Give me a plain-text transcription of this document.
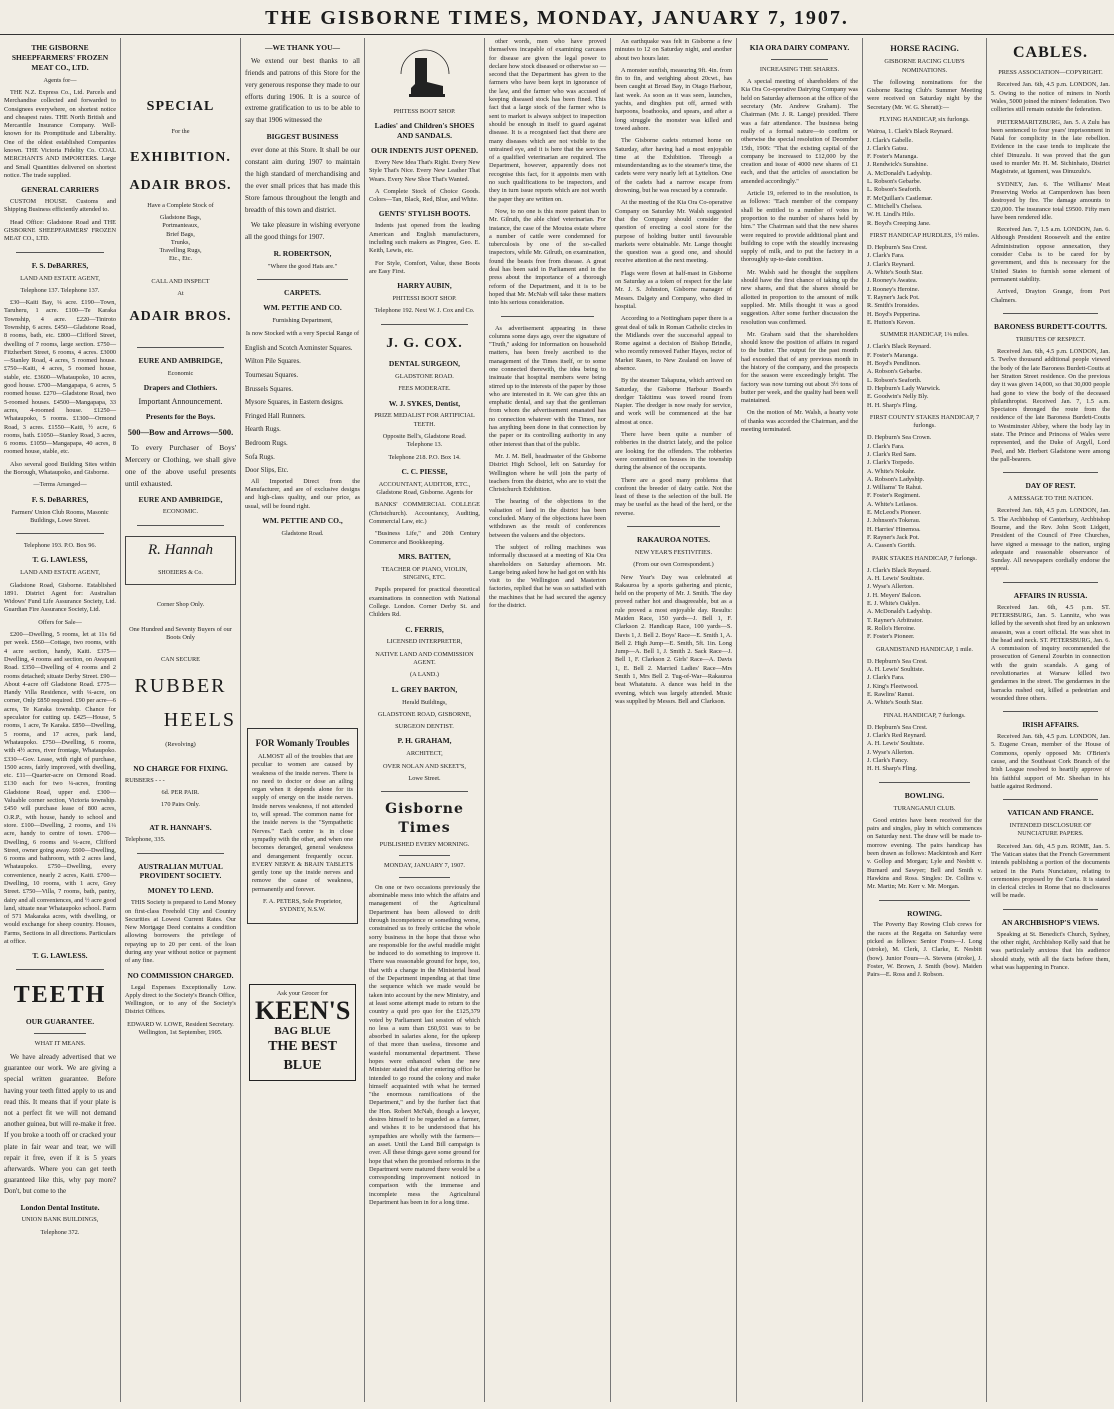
THE GISBORNE TIMES, MONDAY, JANUARY 7, 1907.
THE GISBORNE SHEEPFARMERS' FROZEN MEAT CO., LTD.
Agents for—

THE N.Z. Express Co., Ltd. Parcels and Merchandise collected and forwarded to Consignees everywhere, on shortest notice and cheapest rates. THE North British and Mercantile Insurance Company. Well-known for its Promptitude and Liberality. One of the oldest established Companies known. THE Victoria Fidelity Co. COAL MERCHANTS AND IMPORTERS. Large and Small Quantities delivered on shortest notice. The trade supplied.

GENERAL CARRIERS

CUSTOM HOUSE. Customs and Shipping Business efficiently attended to.

Head Office: Gladstone Road and THE GISBORNE SHEEPFARMERS' FROZEN MEAT CO., LTD.

F. S. DeBARRES,
LAND AND ESTATE AGENT,
Telephone 137. Telephone 137.

£30—Kaiti Bay, ¼ acre. £190—Town, Taruheru, 1 acre. £100—Te Karaka Township, 4 acre. £220—Tiniroto Township, 6 acres. £450—Gladstone Road, 8 rooms, bath, etc. £800—Clifford Street, dwelling of 7 rooms, large section. £750—Fitzherbert Street, 6 rooms, 4 acres. £3000—Stanley Road, 4 acres, 5 roomed house. £750—Kaiti, 4 acres, 5 roomed house, stable, etc. £3600—Whataupoko, 10 acres, good house. £700—Mangapapa, 6 acres, 5 roomed house. £270—Gladstone Road, two 5-roomed houses. £4500—Mangapapa, 33 acres, 4-roomed house. £1250—Whataupoko, 5 rooms. £1300—Ormond Road, 3 acres. £1550—Kaiti, ½ acre, 6 rooms, bath. £1050—Stanley Road, 3 acres, 6 rooms. £1050—Mangapapa, 40 acres, 8 roomed house, stable, etc.

Also several good Building Sites within the Borough, Whataupoko, and Gisborne.

—Terms Arranged—
F. S. DeBARRES,
Farmers' Union Club Rooms, Masonic Buildings, Lowe Street.
Telephone 193. P.O. Box 96.
T. G. LAWLESS,
LAND AND ESTATE AGENT,

Gladstone Road, Gisborne. Established 1891. District Agent for: Australian Widows' Fund Life Assurance Society, Ltd. Guardian Fire Assurance Society, Ltd.

Offers for Sale—

£200—Dwelling, 5 rooms, let at 11s 6d per week. £560—Cottage, two rooms, with 4 acre section, handy, Kaiti. £375—Dwelling, 4 rooms and section, on Awapuni Road. £350—Dwelling of 4 rooms and 2 rooms detached; situate Derby Street. £90—About 4-acre off Gladstone Road. £775—Handy Villa Residence, with ¼-acre, on corner, Only £850 required. £90 per acre—6 acres, Te Karaka township. Chance for speculator for cutting up. £425—House, 5 rooms, 1 acre, Te Karaka. £850—Dwelling, 5 rooms, and 17 acres, park land, Whataupoko. £750—Dwelling, 6 rooms, with 4½ acres, river frontage, Whataupoko. £330—Gov. Lease, with right of purchase, 1500 acres, fairly improved, with dwelling, etc. £11—Quarter-acre on Ormond Road. £130 each for two ¼-acres, fronting Gladstone Road, upper end. £300—Valuable corner section, Victoria township. £450 will purchase lease of 800 acres, O.R.P., with house, handy to school and store. £100—Dwelling, 2 rooms, and 1¼ acre, handy to centre of town. £700—Dwelling, 6 rooms and ¼-acre, Clifford Street, owner going away. £600—Dwelling, 6 rooms and bathroom, with 2 acres land, Whataupoko. £750—Dwelling, every convenience, nearly 2 acres, Kaiti. £700—Dwelling, 10 rooms, with 1 acre, Grey Street. £750—Villa, 7 rooms, bath, pantry, dairy and all conveniences, and ½ acre good land, situate near Whataupoko school. Farm of 571 Makaraka acres, with dwelling, or would exchange for sheep country. Houses, Farms, Sections in all directions. Particulars at office.

T. G. LAWLESS.
TEETH
OUR GUARANTEE.
WHAT IT MEANS.

We have already advertised that we guarantee our work. We are giving a special written guarantee. Before having your teeth fitted apply to us and read this. It means that if your plate is not a perfect fit we will not demand another guinea, but will re-make it free. If you broke a tooth off or cracked your plate in fair wear and tear, we will repair it free, even if it is 5 years afterwards. Where you can get teeth guaranteed like this, why pay more? Don't, but come to the

London Dental Institute.
UNION BANK BUILDINGS,
Telephone 372.
SPECIAL
For the
EXHIBITION.
ADAIR BROS.
Have a Complete Stock of
Gladstone Bags,
Portmanteaux,
Brief Bags,
Trunks,
Travelling Rugs,
Etc., Etc.
CALL AND INSPECT
At
ADAIR BROS.
EURE AND AMBRIDGE,
Economic
Drapers and Clothiers.
Important Announcement.
Presents for the Boys.
500—Bow and Arrows—500.

To every Purchaser of Boys' Mercery or Clothing, we shall give one of the above useful presents until exhausted.

EURE AND AMBRIDGE,
ECONOMIC.
R. Hannah
SHOEIERS & Co.
Corner Shop Only.
One Hundred and Seventy Buyers of our Boots Only
CAN SECURE
RUBBER
HEELS
(Revolving)
NO CHARGE FOR FIXING.
RUBBERS - - -
6d. PER PAIR.
170 Pairs Only.
AT R. HANNAH'S.
Telephone, 335.
AUSTRALIAN MUTUAL PROVIDENT SOCIETY.
MONEY TO LEND.

THIS Society is prepared to Lend Money on first-class Freehold City and Country Securities at Lowest Current Rates. Our New Mortgage Deed contains a condition allowing borrowers the privilege of repaying up to 20 per cent. of the loan during any year without notice or payment of any fine.

NO COMMISSION CHARGED.

Legal Expenses Exceptionally Low. Apply direct to the Society's Branch Office, Wellington, or to any of the Society's District Offices.

EDWARD W. LOWE, Resident Secretary. Wellington, 1st September, 1905.
—WE THANK YOU—

We extend our best thanks to all friends and patrons of this Store for the very generous response they made to our efforts during 1906. It is a source of extreme gratification to us to be able to say that 1906 witnessed the

BIGGEST BUSINESS

ever done at this Store. It shall be our constant aim during 1907 to maintain the high standard of merchandising and the ever small prices that has made this Store famous throughout the length and breadth of this town and district.

We take pleasure in wishing everyone all the good things for 1907.

R. ROBERTSON,
"Where the good Hats are."
CARPETS.
WM. PETTIE AND CO.
Furnishing Department,
Is now Stocked with a very Special Range of
English and Scotch Axminster Squares.
Wilton Pile Squares.
Tournesau Squares.
Brussels Squares.
Mysore Squares, in Eastern designs.
Fringed Hall Runners.
Hearth Rugs.
Bedroom Rugs.
Sofa Rugs.
Door Slips, Etc.

All Imported Direct from the Manufacturer, and are of exclusive designs and high-class quality, and our price, as usual, will be found right.

WM. PETTIE AND CO.,
Gladstone Road.
FOR Womanly Troubles

ALMOST all of the troubles that are peculiar to women are caused by weakness of the inside nerves. There is no need to doctor or dose an ailing organ when it depends alone for its supply of energy on the inside nerves. Inside nerves weakness, if not attended to, will spread. The common name for the inside nerves is the "Sympathetic Nerves." Each centre is in close sympathy with the other, and when one becomes deranged, general weakness and derangement frequently occur. EVERY NERVE & BRAIN TABLETS gently tone up the inside nerves and remove the cause of weakness, permanently and forever.

F. A. PETERS, Sole Proprietor, SYDNEY, N.S.W.
Ask your Grocer for
KEEN'S
BAG BLUE
THE BEST BLUE
PHITESS BOOT SHOP.
Ladies' and Children's SHOES AND SANDALS.
OUR INDENTS JUST OPENED.

Every New Idea That's Right. Every New Style That's Nice. Every New Leather That Wears. Every New Shoe That's Wanted.

A Complete Stock of Choice Goods. Colors—Tan, Black, Red, Blue, and White.

GENTS' STYLISH BOOTS.

Indents just opened from the leading American and English manufacturers, including such makers as Pingree, Geo. E. Keith, Lewis, etc.

For Style, Comfort, Value, these Boots are Easy First.

HARRY AUBIN,
PHITESSI BOOT SHOP.
Telephone 192. Next W. J. Cox and Co.
J. G. COX.
DENTAL SURGEON,
GLADSTONE ROAD.
FEES MODERATE.
W. J. SYKES, Dentist,
PRIZE MEDALIST FOR ARTIFICIAL TEETH.
Opposite Bell's, Gladstone Road. Telephone 13.
Telephone 218. P.O. Box 14.
C. C. PIESSE,
ACCOUNTANT, AUDITOR, ETC., Gladstone Road, Gisborne. Agents for

BANKS' COMMERCIAL COLLEGE (Christchurch). Accountancy, Auditing, Commercial Law, etc.)

"Business Life," and 20th Century Commerce and Bookkeeping.

MRS. BATTEN,
TEACHER OF PIANO, VIOLIN, SINGING, ETC.

Pupils prepared for practical theoretical examinations in connection with National College. London. Corner Derby St. and Childers Rd.

C. FERRIS,
LICENSED INTERPRETER,
NATIVE LAND AND COMMISSION AGENT.
(A LAND.)
L. GREY BARTON,
Herald Buildings,
GLADSTONE ROAD, GISBORNE,
SURGEON DENTIST.
P. H. GRAHAM,
ARCHITECT,
OVER NOLAN AND SKEET'S,
Lowe Street.
Gisborne Times
PUBLISHED EVERY MORNING.
MONDAY, JANUARY 7, 1907.

On one or two occasions previously the abominable mess into which the affairs and management of the Agricultural Department has been allowed to drift through incompetence or something worse, constrained us to freely criticise the whole sorry business in the hope that those who are responsible for the awful muddle might be induced to do something to improve it. There was reasonable ground for hope, too, that with a change in the Ministerial head of the Department impending at that time the sequence which we made would be taken into account by the new Ministry, and at least some attempt made to return to the country a quid pro quo for the £125,379 voted by Parliament last session of which no less a sum than £60,931 was to be absorbed in salaries alone, for the upkeep of that more than useless, tiresome and wasteful monumental department. These hopes were enhanced when the new Minister stated that after entering office he intended to go round the colony and make himself acquainted with what he termed "the enormous ramifications of the Department," and by the further fact that the Hon. Robert McNab, though a lawyer, desires himself to be regarded as a farmer, and wishes it to be understood that his sympathies are wholly with the farmers—an asset. Until the Land Bill campaign is over. All these things gave some ground for hope that when the promised reforms in the Department were matured there would be a corresponding improvement noticed in comparison with the immense and incomplete mess the Agricultural Department has been in for a long time.

other words, men who have proved themselves incapable of examining carcases for disease are given the legal power to declare how stock diseased or otherwise so — second that the Department has given to the farmers who have been kept in ignorance of the law, and the farmer who was accused of keeping diseased stock has been fined. This fact that a large stock of the farmer who is sent to market is always subject to inspection should be enough in itself to guard against disease. It is a recognised fact that there are many diseases which are not visible to the untrained eye, and it is here that the services of a qualified veterinarian are required. The Department, however, apparently does not recognise this fact, for it appoints men with no such qualifications to be inspectors, and they in turn issue reports which are not worth the paper they are written on.

Now, to no one is this more patent than to Mr. Gilruth, the able chief veterinarian. For instance, the case of the Moutoa estate where a number of cattle were condemned for tuberculosis by one of the so-called inspectors, while Mr. Gilruth, on examination, found the beasts free from disease. A great deal has been said in Parliament and in the press about the importance of a thorough reform of the Department, and it is to be hoped that Mr. McNab will take these matters into his serious consideration.

As advertisement appearing in these columns some days ago, over the signature of "Truth," asking for information on household matters, has been freely ascribed to the management of the Times itself, or to some one connected therewith, the idea being to insinuate that hospital members were being stirred up to the interests of the paper by those who are interested in it. We can give this an emphatic denial, and say that the gentleman from whom the advertisement emanated has no connection whatever with the Times, nor has anything been done in that connection by the paper or its controlling authority in any other interest than that of the public.

Mr. J. M. Bell, headmaster of the Gisborne District High School, left on Saturday for Wellington where he will join the party of teachers from the district, who are to visit the Christchurch Exhibition.

The hearing of the objections to the valuation of land in the district has been concluded. Many of the objections have been withdrawn as the result of conferences between the valuers and the objectors.

The subject of rolling machines was informally discussed at a meeting of Kia Ora shareholders on Saturday afternoon. Mr. Lange being asked how he had got on with his visit to the Wellington and Masterton factories, replied that he was so satisfied with the machines that he had secured the agency for the district.

An earthquake was felt in Gisborne a few minutes to 12 on Saturday night, and another about two hours later.

A monster sunfish, measuring 9ft. 4in. from fin to fin, and weighing about 20cwt., has been caught at Broad Bay, in Otago Harbour, last week. As soon as it was seen, launches, yachts, and dinghies put off, armed with harpoons, boathooks, and spears, and after a long struggle the monster was killed and towed ashore.

The Gisborne cadets returned home on Saturday, after having had a most enjoyable time at the Exhibition. Through a misunderstanding as to the steamer's time, the cadets were very nearly left at Lyttelton. One of the cadets had a narrow escape from drowning, but he was rescued by a comrade.

At the meeting of the Kia Ora Co-operative Company on Saturday Mr. Walsh suggested that the Company should consider the question of erecting a cool store for the purpose of holding butter until favourable markets were obtainable. Mr. Lange thought the question was a good one, and should receive attention at the next meeting.

Flags were flown at half-mast in Gisborne on Saturday as a token of respect for the late Mr. J. S. Johnston, Gisborne manager of Messrs. Dalgety and Company, who died in hospital.

According to a Nottingham paper there is a great deal of talk in Roman Catholic circles in the Midlands over the successful appeal to Rome against a decision of Bishop Brindle, who recently removed Father Hayes, rector of Market Rasen, to New Zealand on leave of absence.

By the steamer Takapuna, which arrived on Saturday, the Gisborne Harbour Board's dredger Takitimu was towed round from Napier. The dredger is now ready for service, and work will be commenced at the bar almost at once.

There have been quite a number of robberies in the district lately, and the police are looking for the offenders. The robberies were committed on houses in the township during the absence of the occupants.

There are a good many problems that confront the breeder of dairy cattle. Not the least of these is the selection of the bull. He may be useful as the head of the herd, or the reverse.

RAKAUROA NOTES.
NEW YEAR'S FESTIVITIES.
(From our own Correspondent.)

New Year's Day was celebrated at Rakauroa by a sports gathering and picnic, held on the property of Mr. J. Smith. The day proved rather hot and disagreeable, but as a rule proved a most enjoyable day. Results: Maiden Race, 150 yards—J. Bell 1, F. Clarkson 2. Handicap Race, 100 yards—S. Davis 1, J. Bell 2. Boys' Race—E. Smith 1, A. Bell 2. High Jump—E. Smith, 5ft. 1in. Long Jump—A. Bell 1, J. Smith 2. Sack Race—J. Bell 1, F. Clarkson 2. Girls' Race—A. Davis 1, E. Bell 2. Married Ladies' Race—Mrs Smith 1, Mrs Bell 2. Tug-of-War—Rakauroa beat Whatatutu. A dance was held in the evening, which was largely attended. Music was supplied by Messrs. Bell and Clarkson.

KIA ORA DAIRY COMPANY.
INCREASING THE SHARES.

A special meeting of shareholders of the Kia Ora Co-operative Dairying Company was held on Saturday afternoon at the office of the secretary (Mr. Andrew Graham). The Chairman (Mr. J. R. Lange) presided. There was a fair attendance. The business being really of a formal nature—to confirm or otherwise the special resolution of December 15th, 1906: "That the existing capital of the company be increased to £12,000 by the creation and issue of 4000 new shares of £1 each, and that the articles of association be amended accordingly."

Article 19, referred to in the resolution, is as follows: "Each member of the company shall be entitled to a number of votes in proportion to the number of shares held by him." The Chairman said that the new shares were required to provide additional plant and building to cope with the steadily increasing supply of milk, and to put the factory in a thoroughly up-to-date condition.

Mr. Walsh said he thought the suppliers should have the first chance of taking up the new shares, and that the shares should be allotted in proportion to the amount of milk supplied. Mr. Mills thought it was a good suggestion. After some further discussion the resolution was confirmed.

Mr. Graham said that the shareholders should know the position of affairs in regard to the butter. The output for the past month had exceeded that of any previous month in the history of the company, and the prospects for the season were exceedingly bright. The factory was now turning out about 3½ tons of butter per week, and the quality had been well maintained.

On the motion of Mr. Walsh, a hearty vote of thanks was accorded the Chairman, and the meeting terminated.

HORSE RACING.
GISBORNE RACING CLUB'S NOMINATIONS.

The following nominations for the Gisborne Racing Club's Summer Meeting were received on Saturday night by the Secretary (Mr. W. G. Sheratt):—

FLYING HANDICAP, six furlongs.
Wairoa, 1. Clark's Black Reynard.
J. Clark's Gabelle.
J. Clark's Gatsu.
F. Foster's Maranga.
J. Rendwick's Sunshine.
A. McDonald's Ladyship.
L. Robson's Gebarbe.
L. Robson's Seaforth.
F. McQuillan's Castlemar.
C. Mitchell's Chelsea.
W. H. Lindl's Hilo.
R. Boyd's Creeping Jane.
FIRST HANDICAP HURDLES, 1½ miles.
D. Hepburn's Sea Crest.
J. Clark's Fara.
J. Clark's Reynard.
A. White's South Star.
J. Rooney's Awatea.
J. Rooney's Heroine.
T. Rayner's Jack Pot.
R. Smith's Ironsides.
H. Boyd's Pepperina.
E. Hutton's Kevon.
SUMMER HANDICAP, 1¼ miles.
J. Clark's Black Reynard.
F. Foster's Maranga.
H. Boyd's Pendlinon.
A. Robson's Gebarbe.
L. Robson's Seaforth.
D. Hepburn's Lady Warwick.
E. Goodwin's Nelly Bly.
H. H. Sharp's Fling.
FIRST COUNTY STAKES HANDICAP, 7 furlongs.
D. Hepburn's Sea Crown.
J. Clark's Fara.
J. Clark's Red Sam.
J. Clark's Torpedo.
A. White's Nokahr.
A. Robson's Ladyship.
J. Williams' Te Rahui.
F. Foster's Regiment.
A. White's Leilasos.
E. McLeod's Pioneer.
J. Johnson's Tokerau.
H. Harries' Hinemoa.
F. Rayner's Jack Pot.
A. Cassen's Gorith.
PARK STAKES HANDICAP, 7 furlongs.
J. Clark's Black Reynard.
A. H. Lewis' Soultiste.
J. Wyse's Allerton.
J. H. Meyers' Balcon.
E. J. White's Oaklyn.
A. McDonald's Ladyship.
T. Rayner's Arbitrator.
R. Rollo's Heroine.
F. Foster's Pioneer.
GRANDSTAND HANDICAP, 1 mile.
D. Hepburn's Sea Crest.
A. H. Lewis' Soultiste.
J. Clark's Fara.
J. King's Fleetwood.
E. Rawlins' Ranui.
A. White's South Star.
FINAL HANDICAP, 7 furlongs.
D. Hepburn's Sea Crest.
J. Clark's Red Reynard.
A. H. Lewis' Soultiste.
J. Wyse's Allerton.
J. Clark's Fancy.
H. H. Sharp's Fling.
BOWLING.
TURANGANUI CLUB.

Good entries have been received for the pairs and singles, play in which commences on Saturday next. The draw will be made to-morrow evening. The pairs handicap has been drawn as follows: Mackintosh and Kerr v. Gollop and Morgan; Lyle and Nesbitt v. Burnard and Sawyer; Bell and Smith v. Hawkins and Ross. Singles: Dr. Collins v. Mr. Martin; Mr. Kerr v. Mr. Morgan.

ROWING.

The Poverty Bay Rowing Club crews for the races at the Regatta on Saturday were picked as follows: Senior Fours—J. Long (stroke), M. Clerk, J. Clarke, E. Nesbitt (bow). Junior Fours—A. Stevens (stroke), J. Foster, W. Brown, J. Smith (bow). Maiden Pairs—E. Ross and J. Robson.

CABLES.
PRESS ASSOCIATION—COPYRIGHT.

Received Jan. 6th, 4.5 p.m. LONDON, Jan. 5. Owing to the notice of miners in North Wales, 5000 joined the miners' federation. Two collieries still remain outside the federation.

PIETERMARITZBURG, Jan. 5. A Zulu has been sentenced to four years' imprisonment in Natal for complicity in the late rebellion. Evidence in the case tends to implicate the chief Dinuzulu. It was proved that the gun used to murder Mr. H. M. Sichinhato, District Magistrate, at Igumeni, was Dinuzulu's.

SYDNEY, Jan. 6. The Williams' Meat Preserving Works at Camperdown has been destroyed by fire. The damage amounts to £20,000. The insurance total £9500. Fifty men have been rendered idle.

Received Jan. 7, 1.5 a.m. LONDON, Jan. 6. Although President Roosevelt and the entire Administration oppose annexation, they consider Cuba is to be cared for by government, and this is necessary for the United States to furnish some element of permanent stability.

Arrived, Drayton Grange, from Port Chalmers.

BARONESS BURDETT-COUTTS.
TRIBUTES OF RESPECT.

Received Jan. 6th, 4.5 p.m. LONDON, Jan. 5. Twelve thousand additional people viewed the body of the late Baroness Burdett-Coutts at her Stratton Street residence. On the previous day it was given 14,000, so that 30,000 people had gone to view the body of the deceased philanthropist. Received Jan. 7, 1.5 a.m. Spectators thronged the route from the residence of the late Baroness Burdett-Coutts to Westminster Abbey, where the body lay in state. The Prince and Princess of Wales were represented, and the Duke of Argyll, Lord Peel, and Mr. Herbert Gladstone were among the pall-bearers.

DAY OF REST.
A MESSAGE TO THE NATION.

Received Jan. 6th, 4.5 p.m. LONDON, Jan. 5. The Archbishop of Canterbury, Archbishop Bourne, and the Rev. John Scott Lidgett, President of the Council of Free Churches, have signed a message to the nation, urging adequate and reasonable observance of Sunday. All newspapers cordially endorse the appeal.

AFFAIRS IN RUSSIA.

Received Jan. 6th, 4.5 p.m. ST. PETERSBURG, Jan. 5. Lannitz, who was killed by the seventh shot fired by an unknown assassin, was a court official. He was shot in the head and neck. ST. PETERSBURG, Jan. 6. A commission of inquiry recommended the prosecution of General Zourbin in connection with the grain scandals. A gang of revolutionaries at Warsaw killed two gendarmes in the street. The gendarmes in the barracks rushed out, killed a pedestrian and wounded three others.

IRISH AFFAIRS.

Received Jan. 6th, 4.5 p.m. LONDON, Jan. 5. Eugene Crean, member of the House of Commons, openly opposed Mr. O'Brien's cause, and the Southeast Cork Branch of the Irish League resolved to heartily approve of his faithful support of Mr. Sheehan in his battle against Redmond.

VATICAN AND FRANCE.
INTENDED DISCLOSURE OF NUNCIATURE PAPERS.

Received Jan. 6th, 4.5 p.m. ROME, Jan. 5. The Vatican states that the French Government intends publishing a portion of the documents seized in the Paris Nunciature, relating to ceremonies proposed by the Curia. It is stated in clerical circles in Rome that no disclosures will be made.

AN ARCHBISHOP'S VIEWS.

Speaking at St. Benedict's Church, Sydney, the other night, Archbishop Kelly said that he was particularly anxious that his audience should study, with all the facts before them, what was happening in France.
